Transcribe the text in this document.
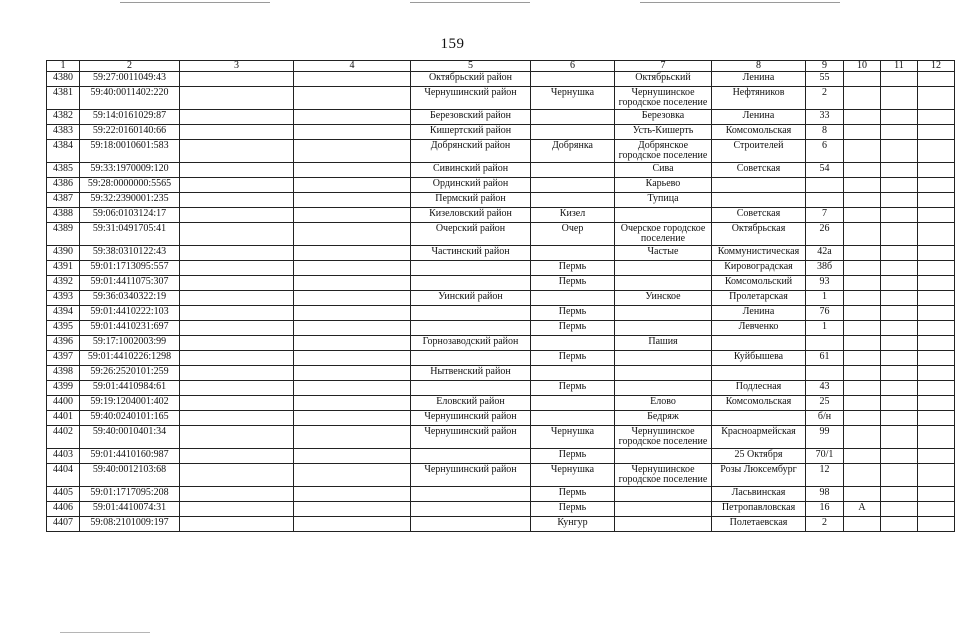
159
1	2	3	4	5	6	7	8	9	10	11	12
4380	59:27:0011049:43			Октябрьский район		Октябрьский	Ленина	55			
4381	59:40:0011402:220			Чернушинский район	Чернушка	Чернушинское городское поселение	Нефтяников	2			
4382	59:14:0161029:87			Березовский район		Березовка	Ленина	33			
4383	59:22:0160140:66			Кишертский район		Усть-Кишерть	Комсомольская	8			
4384	59:18:0010601:583			Добрянский район	Добрянка	Добрянское городское поселение	Строителей	6			
4385	59:33:1970009:120			Сивинский район		Сива	Советская	54			
4386	59:28:0000000:5565			Ординский район		Карьево					
4387	59:32:2390001:235			Пермский район		Тупица					
4388	59:06:0103124:17			Кизеловский район	Кизел		Советская	7			
4389	59:31:0491705:41			Очерский район	Очер	Очерское городское поселение	Октябрьская	26			
4390	59:38:0310122:43			Частинский район		Частые	Коммунистическая	42а			
4391	59:01:1713095:557				Пермь		Кировоградская	38б			
4392	59:01:4411075:307				Пермь		Комсомольский	93			
4393	59:36:0340322:19			Уинский район		Уинское	Пролетарская	1			
4394	59:01:4410222:103				Пермь		Ленина	76			
4395	59:01:4410231:697				Пермь		Левченко	1			
4396	59:17:1002003:99			Горнозаводский район		Пашия					
4397	59:01:4410226:1298				Пермь		Куйбышева	61			
4398	59:26:2520101:259			Нытвенский район							
4399	59:01:4410984:61				Пермь		Подлесная	43			
4400	59:19:1204001:402			Еловский район		Елово	Комсомольская	25			
4401	59:40:0240101:165			Чернушинский район		Бедряж		б/н			
4402	59:40:0010401:34			Чернушинский район	Чернушка	Чернушинское городское поселение	Красноармейская	99			
4403	59:01:4410160:987				Пермь		25 Октября	70/1			
4404	59:40:0012103:68			Чернушинский район	Чернушка	Чернушинское городское поселение	Розы Люксембург	12			
4405	59:01:1717095:208				Пермь		Ласьвинская	98			
4406	59:01:4410074:31				Пермь		Петропавловская	16	А		
4407	59:08:2101009:197				Кунгур		Полетаевская	2			
